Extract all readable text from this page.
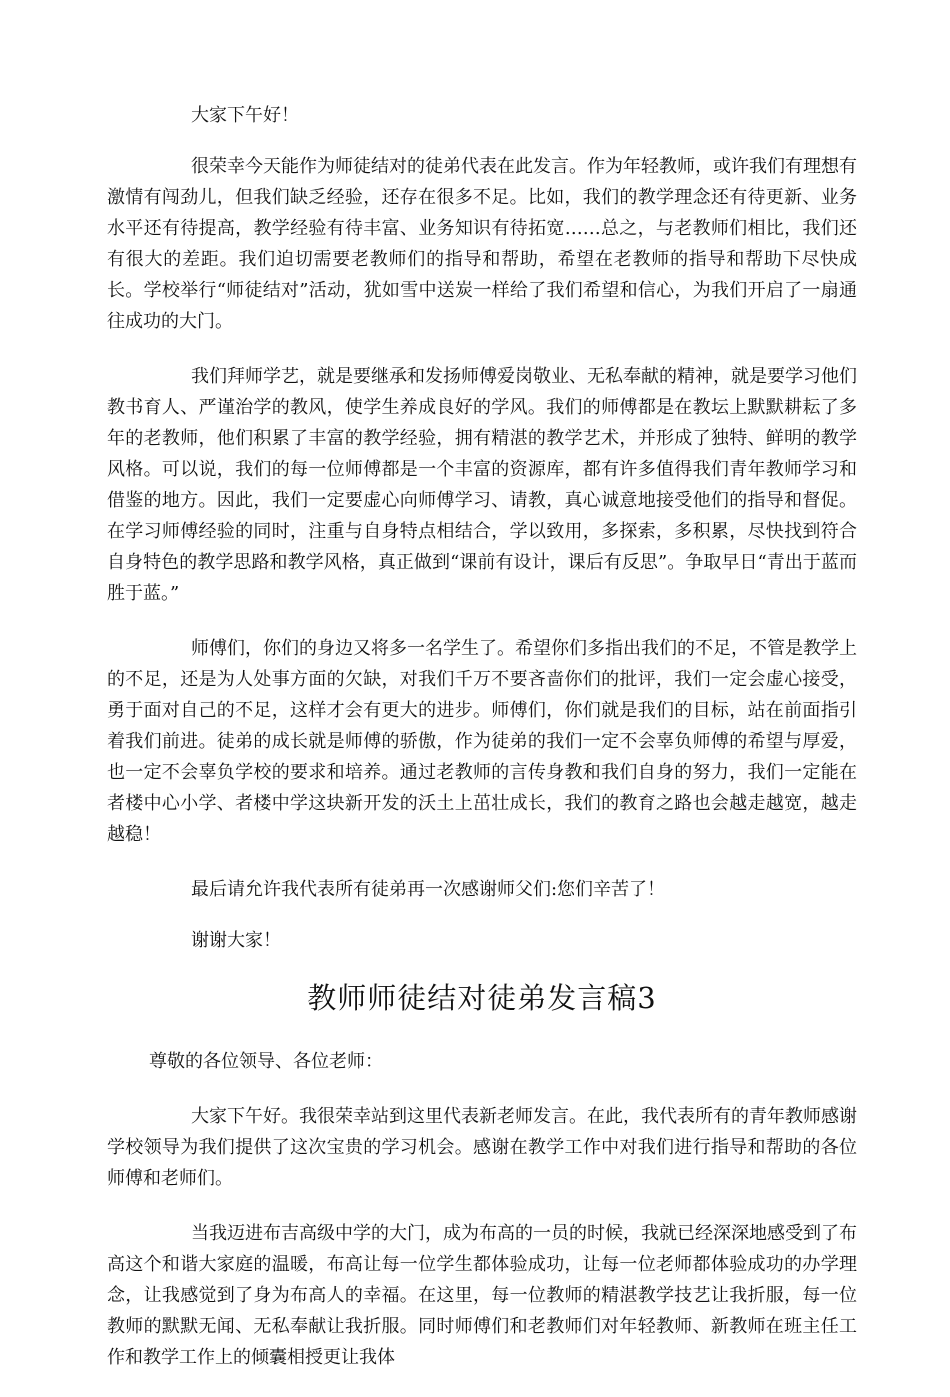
大家下午好！

很荣幸今天能作为师徒结对的徒弟代表在此发言。作为年轻教师，或许我们有理想有激情有闯劲儿，但我们缺乏经验，还存在很多不足。比如，我们的教学理念还有待更新、业务水平还有待提高，教学经验有待丰富、业务知识有待拓宽……总之，与老教师们相比，我们还有很大的差距。我们迫切需要老教师们的指导和帮助，希望在老教师的指导和帮助下尽快成长。学校举行“师徒结对”活动，犹如雪中送炭一样给了我们希望和信心，为我们开启了一扇通往成功的大门。

我们拜师学艺，就是要继承和发扬师傅爱岗敬业、无私奉献的精神，就是要学习他们教书育人、严谨治学的教风，使学生养成良好的学风。我们的师傅都是在教坛上默默耕耘了多年的老教师，他们积累了丰富的教学经验，拥有精湛的教学艺术，并形成了独特、鲜明的教学风格。可以说，我们的每一位师傅都是一个丰富的资源库，都有许多值得我们青年教师学习和借鉴的地方。因此，我们一定要虚心向师傅学习、请教，真心诚意地接受他们的指导和督促。在学习师傅经验的同时，注重与自身特点相结合，学以致用，多探索，多积累，尽快找到符合自身特色的教学思路和教学风格，真正做到“课前有设计，课后有反思”。争取早日“青出于蓝而胜于蓝。”

师傅们，你们的身边又将多一名学生了。希望你们多指出我们的不足，不管是教学上的不足，还是为人处事方面的欠缺，对我们千万不要吝啬你们的批评，我们一定会虚心接受，勇于面对自己的不足，这样才会有更大的进步。师傅们，你们就是我们的目标，站在前面指引着我们前进。徒弟的成长就是师傅的骄傲，作为徒弟的我们一定不会辜负师傅的希望与厚爱，也一定不会辜负学校的要求和培养。通过老教师的言传身教和我们自身的努力，我们一定能在者楼中心小学、者楼中学这块新开发的沃土上茁壮成长，我们的教育之路也会越走越宽，越走越稳！

最后请允许我代表所有徒弟再一次感谢师父们:您们辛苦了！

谢谢大家！

教师师徒结对徒弟发言稿3

尊敬的各位领导、各位老师：

大家下午好。我很荣幸站到这里代表新老师发言。在此，我代表所有的青年教师感谢学校领导为我们提供了这次宝贵的学习机会。感谢在教学工作中对我们进行指导和帮助的各位师傅和老师们。

当我迈进布吉高级中学的大门，成为布高的一员的时候，我就已经深深地感受到了布高这个和谐大家庭的温暖，布高让每一位学生都体验成功，让每一位老师都体验成功的办学理念，让我感觉到了身为布高人的幸福。在这里，每一位教师的精湛教学技艺让我折服，每一位教师的默默无闻、无私奉献让我折服。同时师傅们和老教师们对年轻教师、新教师在班主任工作和教学工作上的倾囊相授更让我体
